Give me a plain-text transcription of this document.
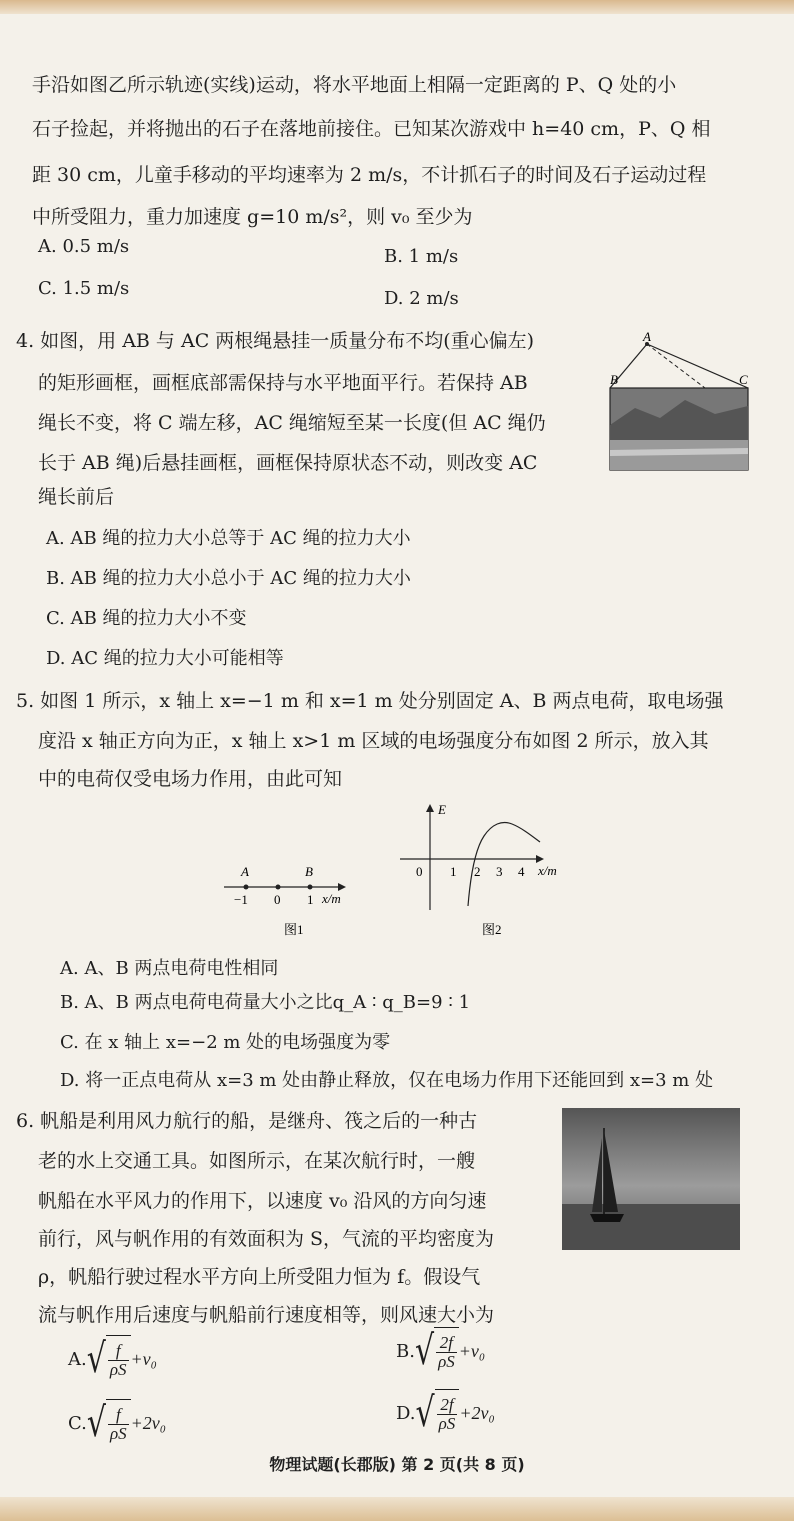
手沿如图乙所示轨迹(实线)运动，将水平地面上相隔一定距离的 P、Q 处的小
石子捡起，并将抛出的石子在落地前接住。已知某次游戏中 h=40 cm，P、Q 相
距 30 cm，儿童手移动的平均速率为 2 m/s，不计抓石子的时间及石子运动过程
中所受阻力，重力加速度 g=10 m/s²，则 v₀ 至少为
A. 0.5 m/s	B. 1 m/s
C. 1.5 m/s	D. 2 m/s
4. 如图，用 AB 与 AC 两根绳悬挂一质量分布不均(重心偏左)
的矩形画框，画框底部需保持与水平地面平行。若保持 AB
绳长不变，将 C 端左移，AC 绳缩短至某一长度(但 AC 绳仍
长于 AB 绳)后悬挂画框，画框保持原状态不动，则改变 AC
绳长前后
A. AB 绳的拉力大小总等于 AC 绳的拉力大小
B. AB 绳的拉力大小总小于 AC 绳的拉力大小
C. AB 绳的拉力大小不变
D. AC 绳的拉力大小可能相等
A
B	C
5. 如图 1 所示，x 轴上 x=−1 m 和 x=1 m 处分别固定 A、B 两点电荷，取电场强
度沿 x 轴正方向为正，x 轴上 x>1 m 区域的电场强度分布如图 2 所示，放入其
中的电荷仅受电场力作用，由此可知
A	B
−1 0 1 x/m
图1
E
0 1 2 3 4 x/m
图2
A. A、B 两点电荷电性相同
B. A、B 两点电荷电荷量大小之比q_A ∶ q_B=9 ∶ 1
C. 在 x 轴上 x=−2 m 处的电场强度为零
D. 将一正点电荷从 x=3 m 处由静止释放，仅在电场力作用下还能回到 x=3 m 处
6. 帆船是利用风力航行的船，是继舟、筏之后的一种古
老的水上交通工具。如图所示，在某次航行时，一艘
帆船在水平风力的作用下，以速度 v₀ 沿风的方向匀速
前行，风与帆作用的有效面积为 S，气流的平均密度为
ρ，帆船行驶过程水平方向上所受阻力恒为 f。假设气
流与帆作用后速度与帆船前行速度相等，则风速大小为
$A.√ \frac{f}{\rho S} +v_0$	$B.√ \frac{2f}{\rho S} +v_0$
$C.√ \frac{f}{\rho S} +2v_0$	$D.√ \frac{2f}{\rho S} +2v_0$
物理试题(长郡版) 第 2 页(共 8 页)
